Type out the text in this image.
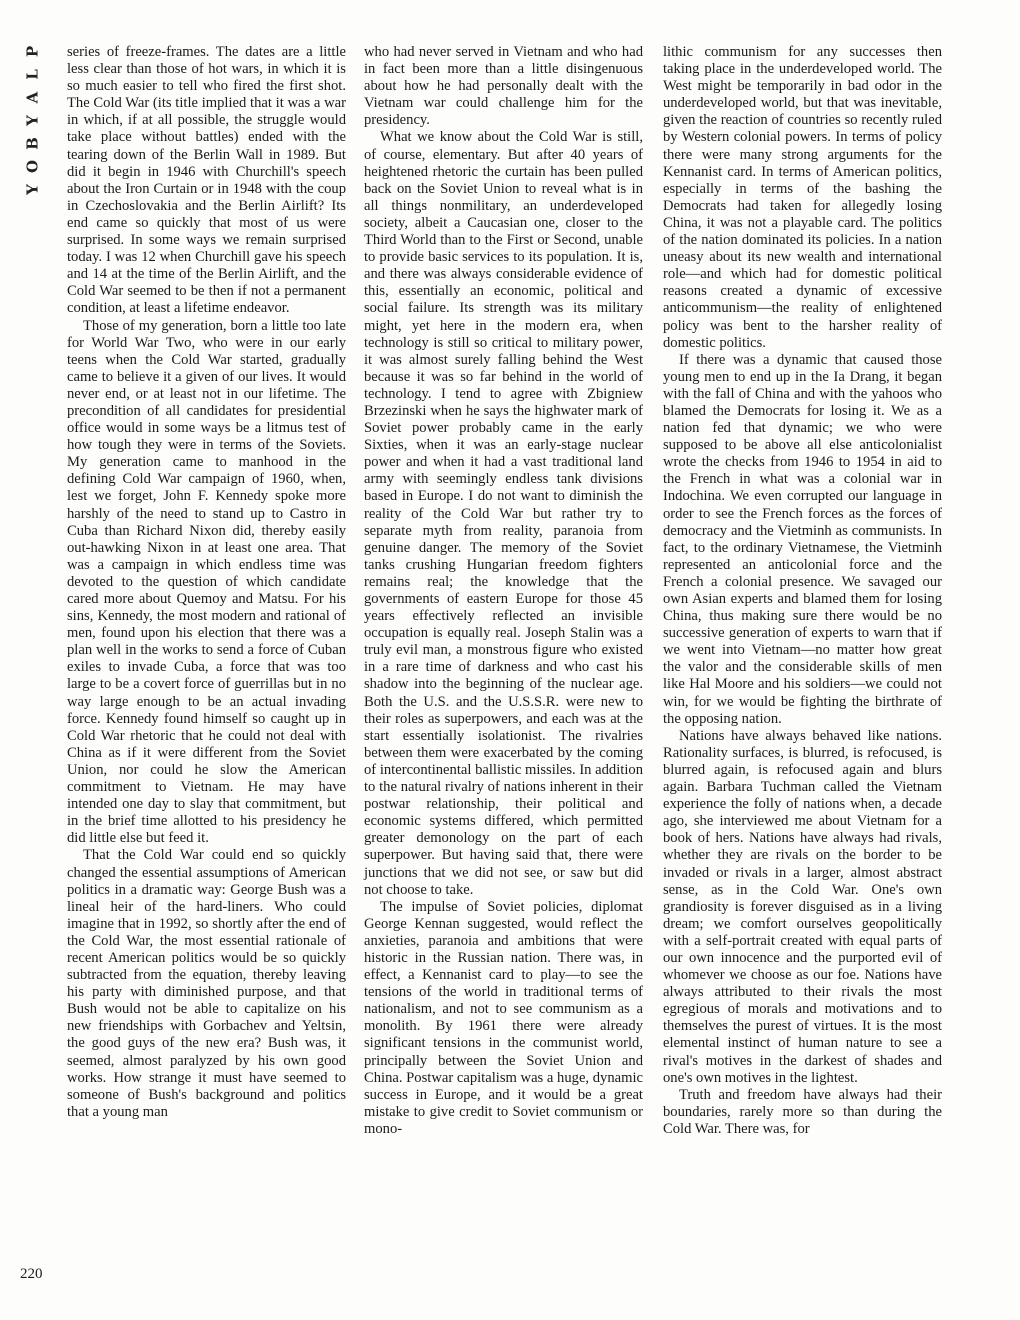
P
L
A
Y
B
O
Y

series of freeze-frames. The dates are a little less clear than those of hot wars, in which it is so much easier to tell who fired the first shot. The Cold War (its title implied that it was a war in which, if at all possible, the struggle would take place without battles) ended with the tearing down of the Berlin Wall in 1989. But did it begin in 1946 with Churchill's speech about the Iron Curtain or in 1948 with the coup in Czechoslovakia and the Berlin Airlift? Its end came so quickly that most of us were surprised. In some ways we remain surprised today. I was 12 when Churchill gave his speech and 14 at the time of the Berlin Airlift, and the Cold War seemed to be then if not a permanent condition, at least a lifetime endeavor.

Those of my generation, born a little too late for World War Two, who were in our early teens when the Cold War started, gradually came to believe it a given of our lives. It would never end, or at least not in our lifetime. The precondition of all candidates for presidential office would in some ways be a litmus test of how tough they were in terms of the Soviets. My generation came to manhood in the defining Cold War campaign of 1960, when, lest we forget, John F. Kennedy spoke more harshly of the need to stand up to Castro in Cuba than Richard Nixon did, thereby easily out-hawking Nixon in at least one area. That was a campaign in which endless time was devoted to the question of which candidate cared more about Quemoy and Matsu. For his sins, Kennedy, the most modern and rational of men, found upon his election that there was a plan well in the works to send a force of Cuban exiles to invade Cuba, a force that was too large to be a covert force of guerrillas but in no way large enough to be an actual invading force. Kennedy found himself so caught up in Cold War rhetoric that he could not deal with China as if it were different from the Soviet Union, nor could he slow the American commitment to Vietnam. He may have intended one day to slay that commitment, but in the brief time allotted to his presidency he did little else but feed it.

That the Cold War could end so quickly changed the essential assumptions of American politics in a dramatic way: George Bush was a lineal heir of the hard-liners. Who could imagine that in 1992, so shortly after the end of the Cold War, the most essential rationale of recent American politics would be so quickly subtracted from the equation, thereby leaving his party with diminished purpose, and that Bush would not be able to capitalize on his new friendships with Gorbachev and Yeltsin, the good guys of the new era? Bush was, it seemed, almost paralyzed by his own good works. How strange it must have seemed to someone of Bush's background and politics that a young man

who had never served in Vietnam and who had in fact been more than a little disingenuous about how he had personally dealt with the Vietnam war could challenge him for the presidency.

What we know about the Cold War is still, of course, elementary. But after 40 years of heightened rhetoric the curtain has been pulled back on the Soviet Union to reveal what is in all things nonmilitary, an underdeveloped society, albeit a Caucasian one, closer to the Third World than to the First or Second, unable to provide basic services to its population. It is, and there was always considerable evidence of this, essentially an economic, political and social failure. Its strength was its military might, yet here in the modern era, when technology is still so critical to military power, it was almost surely falling behind the West because it was so far behind in the world of technology. I tend to agree with Zbigniew Brzezinski when he says the highwater mark of Soviet power probably came in the early Sixties, when it was an early-stage nuclear power and when it had a vast traditional land army with seemingly endless tank divisions based in Europe. I do not want to diminish the reality of the Cold War but rather try to separate myth from reality, paranoia from genuine danger. The memory of the Soviet tanks crushing Hungarian freedom fighters remains real; the knowledge that the governments of eastern Europe for those 45 years effectively reflected an invisible occupation is equally real. Joseph Stalin was a truly evil man, a monstrous figure who existed in a rare time of darkness and who cast his shadow into the beginning of the nuclear age. Both the U.S. and the U.S.S.R. were new to their roles as superpowers, and each was at the start essentially isolationist. The rivalries between them were exacerbated by the coming of intercontinental ballistic missiles. In addition to the natural rivalry of nations inherent in their postwar relationship, their political and economic systems differed, which permitted greater demonology on the part of each superpower. But having said that, there were junctions that we did not see, or saw but did not choose to take.

The impulse of Soviet policies, diplomat George Kennan suggested, would reflect the anxieties, paranoia and ambitions that were historic in the Russian nation. There was, in effect, a Kennanist card to play—to see the tensions of the world in traditional terms of nationalism, and not to see communism as a monolith. By 1961 there were already significant tensions in the communist world, principally between the Soviet Union and China. Postwar capitalism was a huge, dynamic success in Europe, and it would be a great mistake to give credit to Soviet communism or mono-

lithic communism for any successes then taking place in the underdeveloped world. The West might be temporarily in bad odor in the underdeveloped world, but that was inevitable, given the reaction of countries so recently ruled by Western colonial powers. In terms of policy there were many strong arguments for the Kennanist card. In terms of American politics, especially in terms of the bashing the Democrats had taken for allegedly losing China, it was not a playable card. The politics of the nation dominated its policies. In a nation uneasy about its new wealth and international role—and which had for domestic political reasons created a dynamic of excessive anticommunism—the reality of enlightened policy was bent to the harsher reality of domestic politics.

If there was a dynamic that caused those young men to end up in the Ia Drang, it began with the fall of China and with the yahoos who blamed the Democrats for losing it. We as a nation fed that dynamic; we who were supposed to be above all else anticolonialist wrote the checks from 1946 to 1954 in aid to the French in what was a colonial war in Indochina. We even corrupted our language in order to see the French forces as the forces of democracy and the Vietminh as communists. In fact, to the ordinary Vietnamese, the Vietminh represented an anticolonial force and the French a colonial presence. We savaged our own Asian experts and blamed them for losing China, thus making sure there would be no successive generation of experts to warn that if we went into Vietnam—no matter how great the valor and the considerable skills of men like Hal Moore and his soldiers—we could not win, for we would be fighting the birthrate of the opposing nation.

Nations have always behaved like nations. Rationality surfaces, is blurred, is refocused, is blurred again, is refocused again and blurs again. Barbara Tuchman called the Vietnam experience the folly of nations when, a decade ago, she interviewed me about Vietnam for a book of hers. Nations have always had rivals, whether they are rivals on the border to be invaded or rivals in a larger, almost abstract sense, as in the Cold War. One's own grandiosity is forever disguised as in a living dream; we comfort ourselves geopolitically with a self-portrait created with equal parts of our own innocence and the purported evil of whomever we choose as our foe. Nations have always attributed to their rivals the most egregious of morals and motivations and to themselves the purest of virtues. It is the most elemental instinct of human nature to see a rival's motives in the darkest of shades and one's own motives in the lightest.

Truth and freedom have always had their boundaries, rarely more so than during the Cold War. There was, for

220
